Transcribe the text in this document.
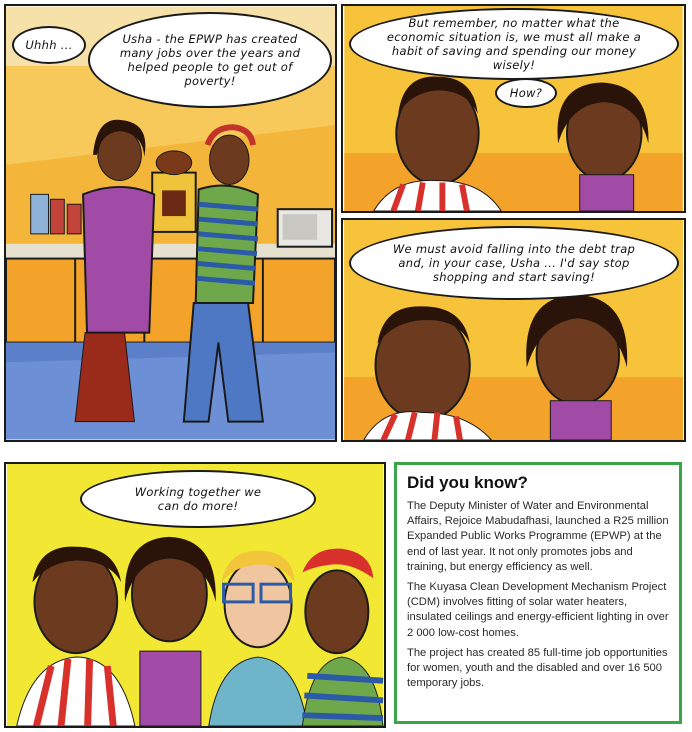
Uhhh ...	Usha - the EPWP has created many jobs over the years and helped people to get out of poverty!
But remember, no matter what the economic situation is, we must all make a habit of saving and spending our money wisely!
How?
We must avoid falling into the debt trap and, in your case, Usha ... I'd say stop shopping and start saving!
Working together we can do more!
Did you know?

The Deputy Minister of Water and Environmental Affairs, Rejoice Mabudafhasi, launched a R25 million Expanded Public Works Programme (EPWP) at the end of last year. It not only promotes jobs and training, but energy efficiency as well.

The Kuyasa Clean Development Mechanism Project (CDM) involves fitting of solar water heaters, insulated ceilings and energy-efficient lighting in over 2 000 low-cost homes.

The project has created 85 full-time job opportunities for women, youth and the disabled and over 16 500 temporary jobs.
